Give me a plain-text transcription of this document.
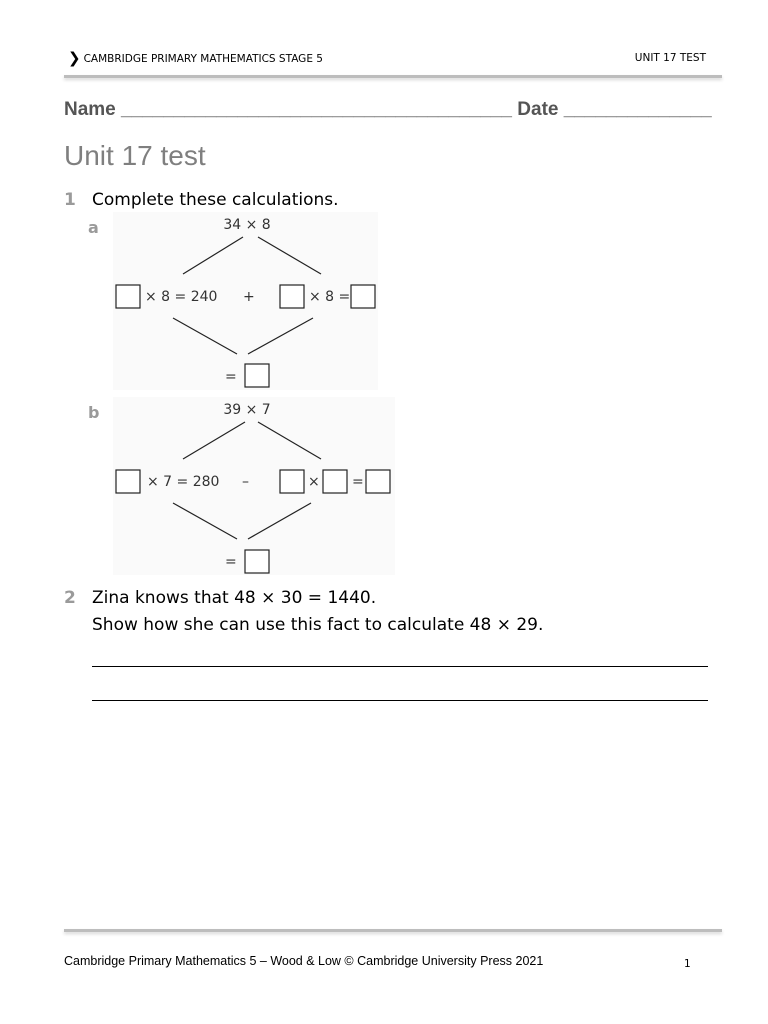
❯ CAMBRIDGE PRIMARY MATHEMATICS STAGE 5	UNIT 17 TEST
Name _____________________________________ Date ______________
Unit 17 test
1 Complete these calculations.
a	34 × 8
× 8 = 240 +	× 8 =
=
b	39 × 7
× 7 = 280 –	× =
=
2 Zina knows that 48 × 30 = 1440.
Show how she can use this fact to calculate 48 × 29.
Cambridge Primary Mathematics 5 – Wood & Low © Cambridge University Press 2021	1
